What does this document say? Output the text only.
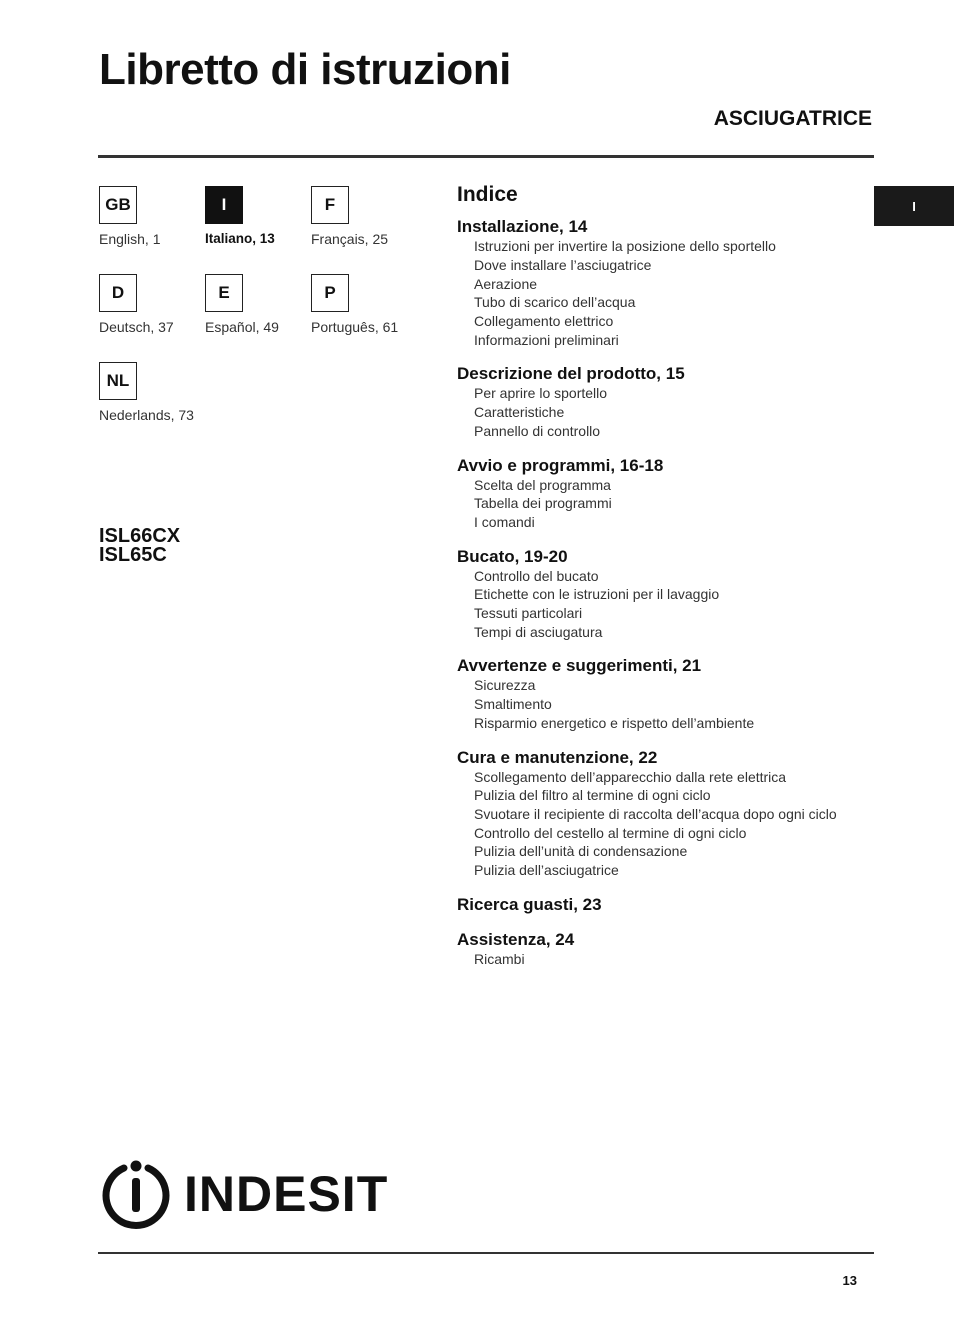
Libretto di istruzioni
ASCIUGATRICE
I
GB
English, 1
I
Italiano, 13
F
Français, 25
D
Deutsch, 37
E
Español, 49
P
Português, 61
NL
Nederlands, 73
ISL66CX
ISL65C
Indice
Installazione, 14
Istruzioni per invertire la posizione dello sportello
Dove installare l’asciugatrice
Aerazione
Tubo di scarico dell’acqua
Collegamento elettrico
Informazioni preliminari
Descrizione del prodotto, 15
Per aprire lo sportello
Caratteristiche
Pannello di controllo
Avvio e programmi, 16-18
Scelta del programma
Tabella dei programmi
I comandi
Bucato, 19-20
Controllo del bucato
Etichette con le istruzioni per il lavaggio
Tessuti particolari
Tempi di asciugatura
Avvertenze e suggerimenti, 21
Sicurezza
Smaltimento
Risparmio energetico e rispetto dell’ambiente
Cura e manutenzione, 22
Scollegamento dell’apparecchio dalla rete elettrica
Pulizia del filtro al termine di ogni ciclo
Svuotare il recipiente di raccolta dell’acqua dopo ogni ciclo
Controllo del cestello al termine di ogni ciclo
Pulizia dell’unità di condensazione
Pulizia dell’asciugatrice
Ricerca guasti, 23
Assistenza, 24
Ricambi
INDESIT
13
